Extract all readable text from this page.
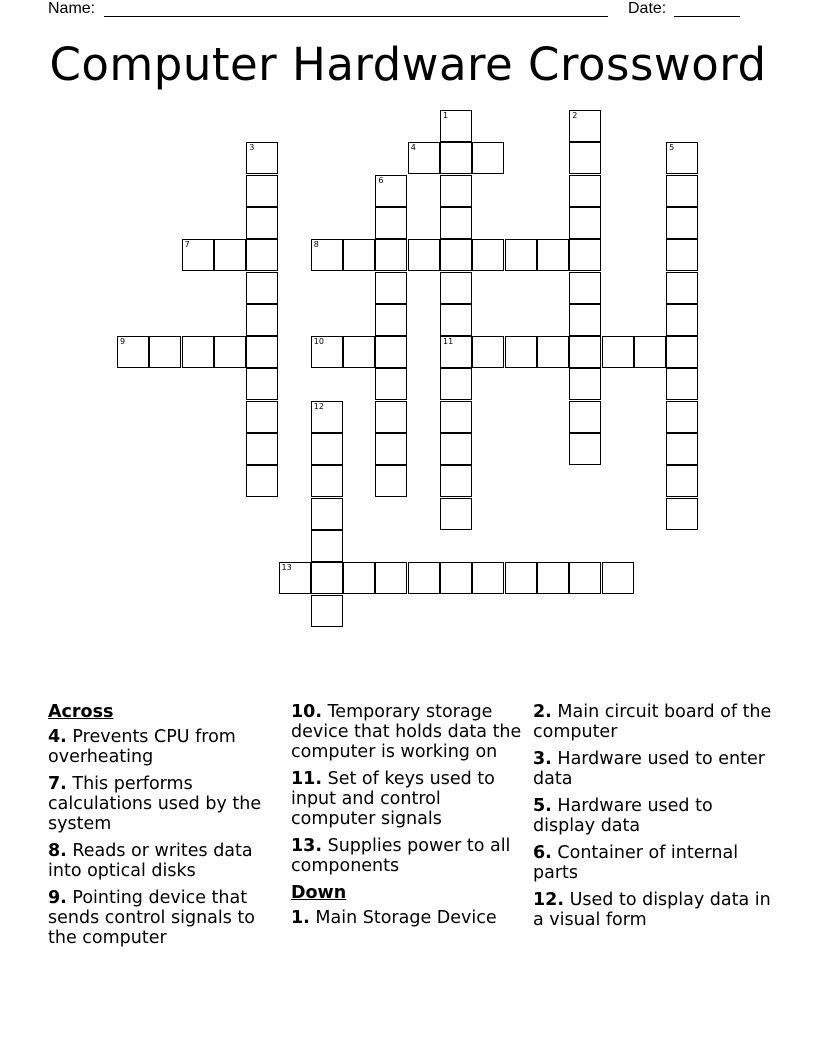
Name:	Date:
Computer Hardware Crossword
1
11
2
3	4	5
6
7	8
9	10
12
13
Across
4. Prevents CPU from overheating
7. This performs calculations used by the system
8. Reads or writes data into optical disks
9. Pointing device that sends control signals to the computer
10. Temporary storage device that holds data the computer is working on
11. Set of keys used to input and control computer signals
13. Supplies power to all components
Down
1. Main Storage Device
2. Main circuit board of the computer
3. Hardware used to enter data
5. Hardware used to display data
6. Container of internal parts
12. Used to display data in a visual form
